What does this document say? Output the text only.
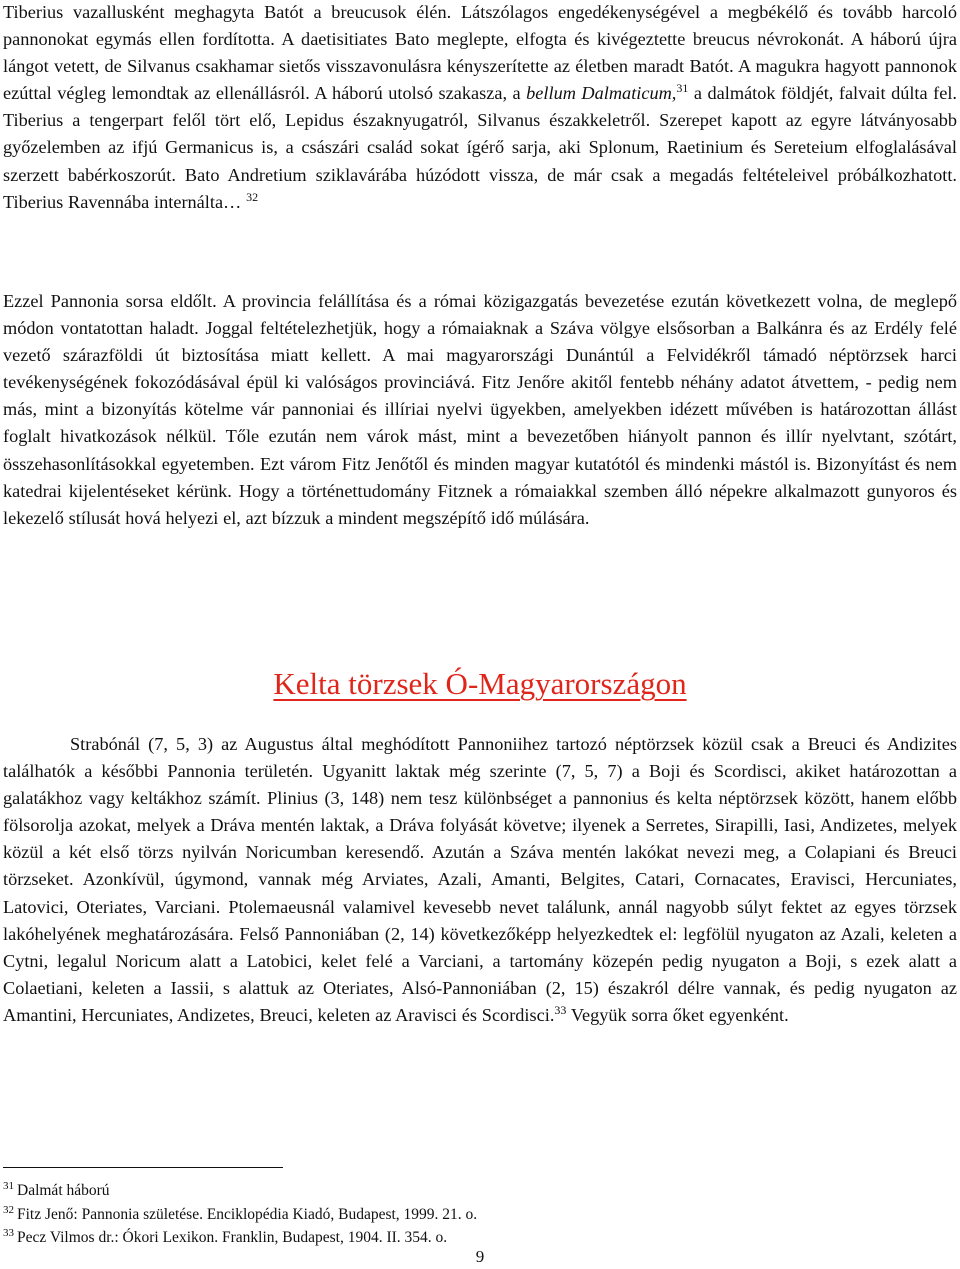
Tiberius vazallusként meghagyta Batót a breucusok élén. Látszólagos engedékenységével a megbékélő és tovább harcoló pannonokat egymás ellen fordította. A daetisitiates Bato meglepte, elfogta és kivégeztette breucus névrokonát. A háború újra lángot vetett, de Silvanus csakhamar sietős visszavonulásra kényszerítette az életben maradt Batót. A magukra hagyott pannonok ezúttal végleg lemondtak az ellenállásról. A háború utolsó szakasza, a bellum Dalmaticum,$^{31}$ a dalmátok földjét, falvait dúlta fel. Tiberius a tengerpart felől tört elő, Lepidus északnyugatról, Silvanus északkeletről. Szerepet kapott az egyre látványosabb győzelemben az ifjú Germanicus is, a császári család sokat ígérő sarja, aki Splonum, Raetinium és Sereteium elfoglalásával szerzett babérkoszorút. Bato Andretium sziklavárába húzódott vissza, de már csak a megadás feltételeivel próbálkozhatott. Tiberius Ravennába internálta… $^{32}$

Ezzel Pannonia sorsa eldőlt. A provincia felállítása és a római közigazgatás bevezetése ezután következett volna, de meglepő módon vontatottan haladt. Joggal feltételezhetjük, hogy a rómaiaknak a Száva völgye elsősorban a Balkánra és az Erdély felé vezető szárazföldi út biztosítása miatt kellett. A mai magyarországi Dunántúl a Felvidékről támadó néptörzsek harci tevékenységének fokozódásával épül ki valóságos provinciává. Fitz Jenőre akitől fentebb néhány adatot átvettem, - pedig nem más, mint a bizonyítás kötelme vár pannoniai és illíriai nyelvi ügyekben, amelyekben idézett művében is határozottan állást foglalt hivatkozások nélkül. Tőle ezután nem várok mást, mint a bevezetőben hiányolt pannon és illír nyelvtant, szótárt, összehasonlításokkal egyetemben. Ezt várom Fitz Jenőtől és minden magyar kutatótól és mindenki mástól is. Bizonyítást és nem katedrai kijelentéseket kérünk. Hogy a történettudomány Fitznek a rómaiakkal szemben álló népekre alkalmazott gunyoros és lekezelő stílusát hová helyezi el, azt bízzuk a mindent megszépítő idő múlására.

Kelta törzsek Ó-Magyarországon

Strabónál (7, 5, 3) az Augustus által meghódított Pannoniihez tartozó néptörzsek közül csak a Breuci és Andizites találhatók a későbbi Pannonia területén. Ugyanitt laktak még szerinte (7, 5, 7) a Boji és Scordisci, akiket határozottan a galatákhoz vagy keltákhoz számít. Plinius (3, 148) nem tesz különbséget a pannonius és kelta néptörzsek között, hanem előbb fölsorolja azokat, melyek a Dráva mentén laktak, a Dráva folyását követve; ilyenek a Serretes, Sirapilli, Iasi, Andizetes, melyek közül a két első törzs nyilván Noricumban keresendő. Azután a Száva mentén lakókat nevezi meg, a Colapiani és Breuci törzseket. Azonkívül, úgymond, vannak még Arviates, Azali, Amanti, Belgites, Catari, Cornacates, Eravisci, Hercuniates, Latovici, Oteriates, Varciani. Ptolemaeusnál valamivel kevesebb nevet találunk, annál nagyobb súlyt fektet az egyes törzsek lakóhelyének meghatározására. Felső Pannoniában (2, 14) következőképp helyezkedtek el: legfölül nyugaton az Azali, keleten a Cytni, legalul Noricum alatt a Latobici, kelet felé a Varciani, a tartomány közepén pedig nyugaton a Boji, s ezek alatt a Colaetiani, keleten a Iassii, s alattuk az Oteriates, Alsó-Pannoniában (2, 15) északról délre vannak, és pedig nyugaton az Amantini, Hercuniates, Andizetes, Breuci, keleten az Aravisci és Scordisci.$^{33}$ Vegyük sorra őket egyenként.

$^{31}$ Dalmát háború
$^{32}$ Fitz Jenő: Pannonia születése. Enciklopédia Kiadó, Budapest, 1999. 21. o.
$^{33}$ Pecz Vilmos dr.: Ókori Lexikon. Franklin, Budapest, 1904. II. 354. o.
9
